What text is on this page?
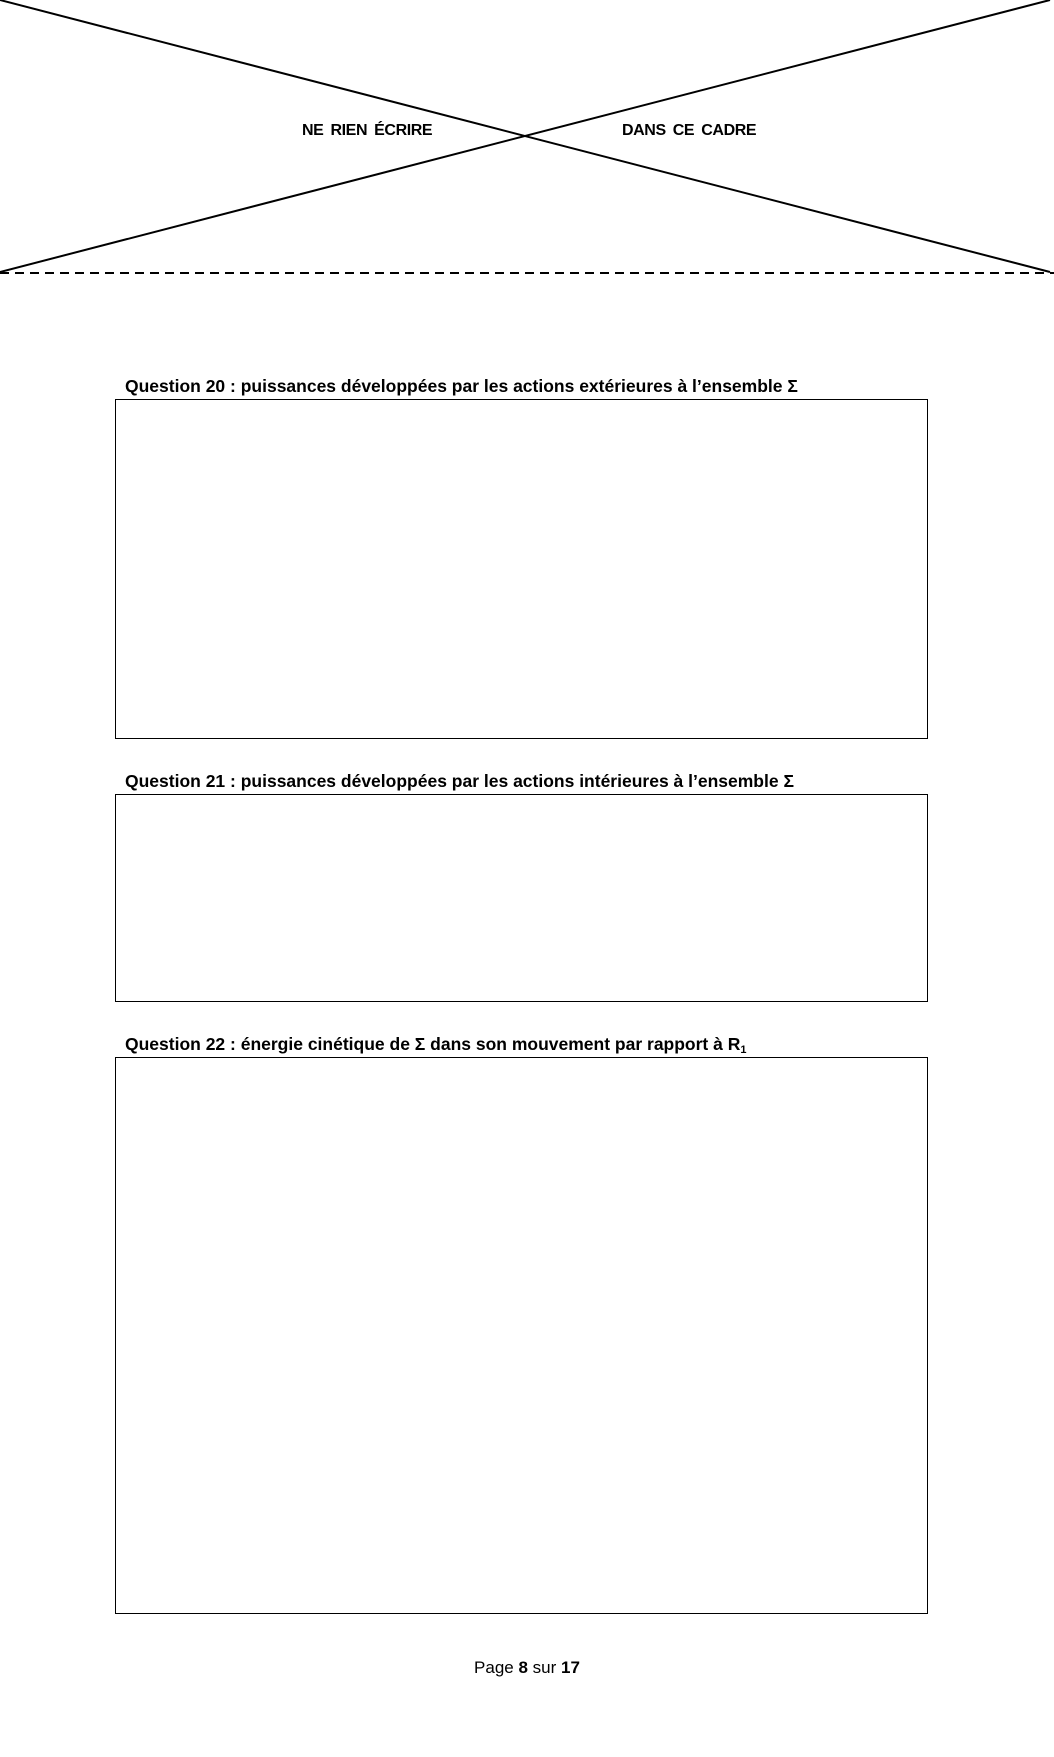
NE RIEN ÉCRIRE	DANS CE CADRE
Question 20 : puissances développées par les actions extérieures à l’ensemble Σ
Question 21 : puissances développées par les actions intérieures à l’ensemble Σ
Question 22 : énergie cinétique de Σ dans son mouvement par rapport à $R_1$
Page 8 sur 17
